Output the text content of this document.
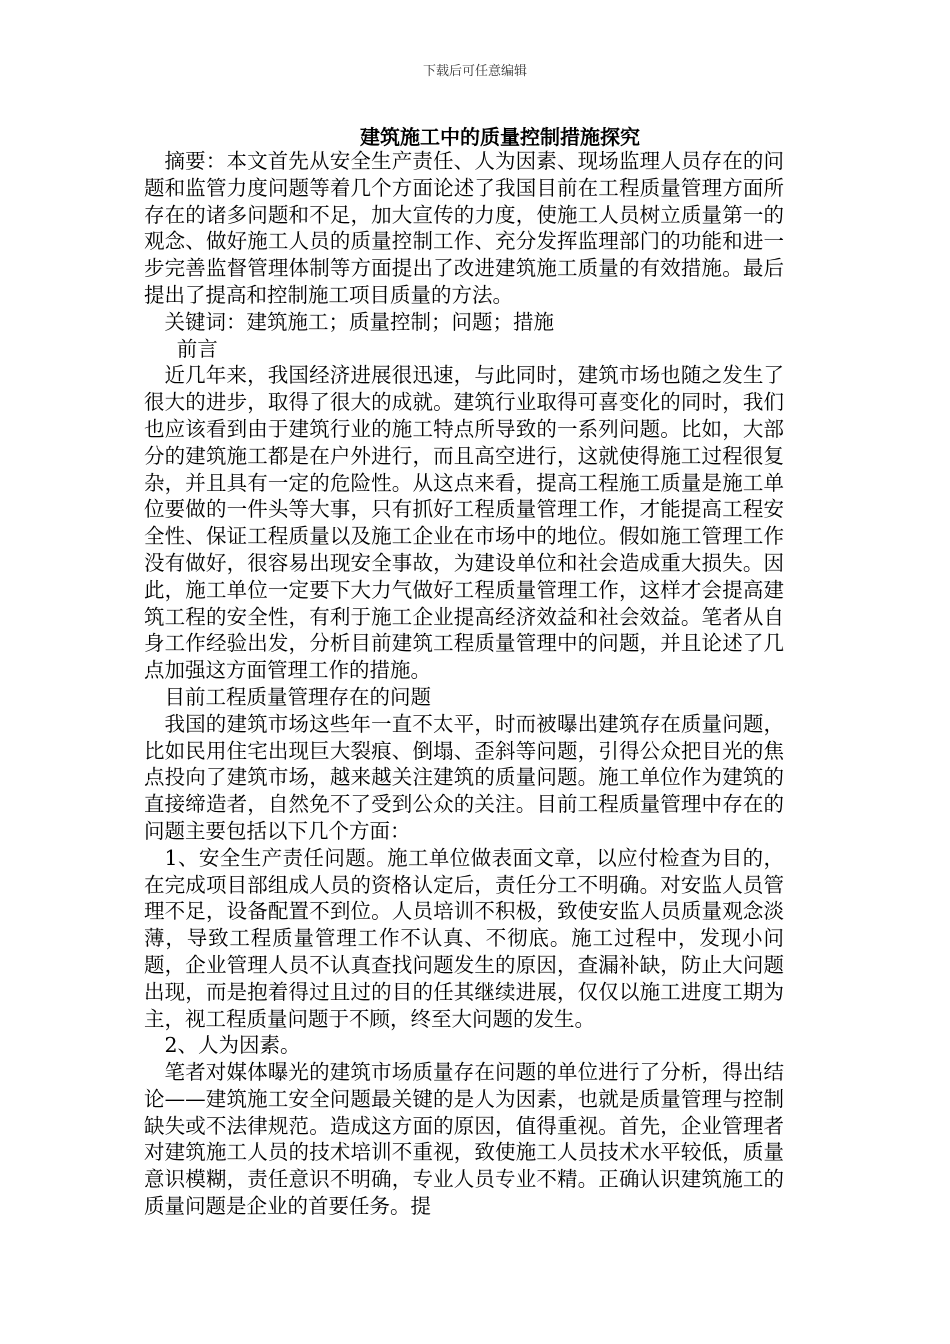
下载后可任意编辑
建筑施工中的质量控制措施探究

摘要：本文首先从安全生产责任、人为因素、现场监理人员存在的问题和监管力度问题等着几个方面论述了我国目前在工程质量管理方面所存在的诸多问题和不足，加大宣传的力度，使施工人员树立质量第一的观念、做好施工人员的质量控制工作、充分发挥监理部门的功能和进一步完善监督管理体制等方面提出了改进建筑施工质量的有效措施。最后提出了提高和控制施工项目质量的方法。

关键词：建筑施工；质量控制；问题；措施

前言

近几年来，我国经济进展很迅速，与此同时，建筑市场也随之发生了很大的进步，取得了很大的成就。建筑行业取得可喜变化的同时，我们也应该看到由于建筑行业的施工特点所导致的一系列问题。比如，大部分的建筑施工都是在户外进行，而且高空进行，这就使得施工过程很复杂，并且具有一定的危险性。从这点来看，提高工程施工质量是施工单位要做的一件头等大事，只有抓好工程质量管理工作，才能提高工程安全性、保证工程质量以及施工企业在市场中的地位。假如施工管理工作没有做好，很容易出现安全事故，为建设单位和社会造成重大损失。因此，施工单位一定要下大力气做好工程质量管理工作，这样才会提高建筑工程的安全性，有利于施工企业提高经济效益和社会效益。笔者从自身工作经验出发，分析目前建筑工程质量管理中的问题，并且论述了几点加强这方面管理工作的措施。

目前工程质量管理存在的问题

我国的建筑市场这些年一直不太平，时而被曝出建筑存在质量问题，比如民用住宅出现巨大裂痕、倒塌、歪斜等问题，引得公众把目光的焦点投向了建筑市场，越来越关注建筑的质量问题。施工单位作为建筑的直接缔造者，自然免不了受到公众的关注。目前工程质量管理中存在的问题主要包括以下几个方面：

1、安全生产责任问题。施工单位做表面文章，以应付检查为目的，在完成项目部组成人员的资格认定后，责任分工不明确。对安监人员管理不足，设备配置不到位。人员培训不积极，致使安监人员质量观念淡薄，导致工程质量管理工作不认真、不彻底。施工过程中，发现小问题，企业管理人员不认真查找问题发生的原因，查漏补缺，防止大问题出现，而是抱着得过且过的目的任其继续进展，仅仅以施工进度工期为主，视工程质量问题于不顾，终至大问题的发生。

2、人为因素。

笔者对媒体曝光的建筑市场质量存在问题的单位进行了分析，得出结论——建筑施工安全问题最关键的是人为因素，也就是质量管理与控制缺失或不法律规范。造成这方面的原因，值得重视。首先，企业管理者对建筑施工人员的技术培训不重视，致使施工人员技术水平较低，质量意识模糊，责任意识不明确，专业人员专业不精。正确认识建筑施工的质量问题是企业的首要任务。提
